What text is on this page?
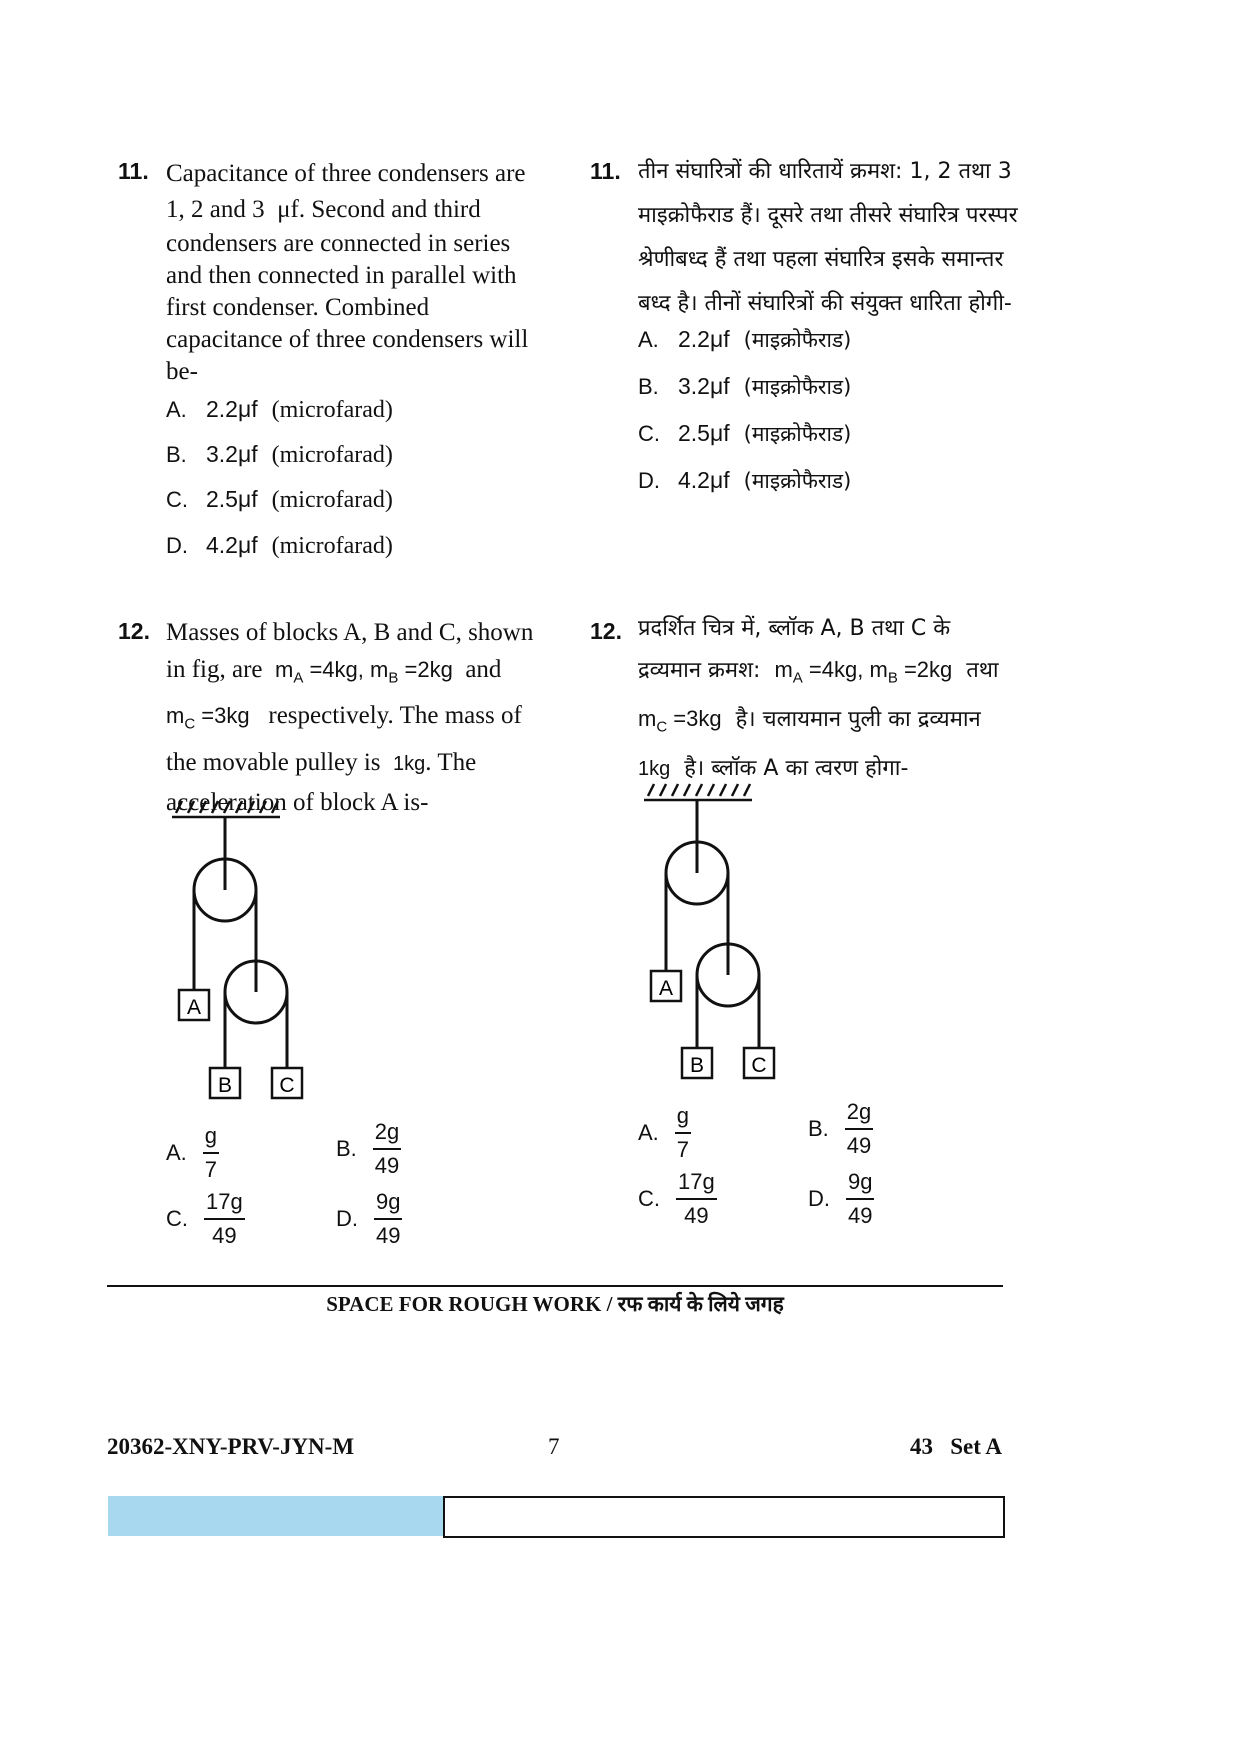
11. Capacitance of three condensers are
1, 2 and 3 μf. Second and third
condensers are connected in series
and then connected in parallel with
first condenser. Combined
capacitance of three condensers will
be-
A. 2.2μf (microfarad)
B. 3.2μf (microfarad)
C. 2.5μf (microfarad)
D. 4.2μf (microfarad)
11. तीन संघारित्रों की धारितायें क्रमश: 1, 2 तथा 3
माइक्रोफैराड हैं। दूसरे तथा तीसरे संघारित्र परस्पर
श्रेणीबध्द हैं तथा पहला संघारित्र इसके समान्तर
बध्द है। तीनों संघारित्रों की संयुक्त धारिता होगी-
A. 2.2μf (माइक्रोफैराड)
B. 3.2μf (माइक्रोफैराड)
C. 2.5μf (माइक्रोफैराड)
D. 4.2μf (माइक्रोफैराड)
12. Masses of blocks A, B and C, shown
in fig, are $m_A =4kg$, $m_B =2kg$ and
$m_C =3kg$ respectively. The mass of
the movable pulley is 1kg. The
acceleration of block A is-
A
B C
A. $\frac{g}{7}$	B. $\frac{2g}{49}$
C. $\frac{17g}{49}$	D. $\frac{9g}{49}$
12. प्रदर्शित चित्र में, ब्लॉक A, B तथा C के
द्रव्यमान क्रमश: $m_A =4kg$, $m_B =2kg$ तथा
$m_C =3kg$ है। चलायमान पुली का द्रव्यमान
1kg है। ब्लॉक A का त्वरण होगा-
A
B C
A. $\frac{g}{7}$	B. $\frac{2g}{49}$
C. $\frac{17g}{49}$	D. $\frac{9g}{49}$
SPACE FOR ROUGH WORK / रफ कार्य के लिये जगह
20362-XNY-PRV-JYN-M	7	43   Set A
